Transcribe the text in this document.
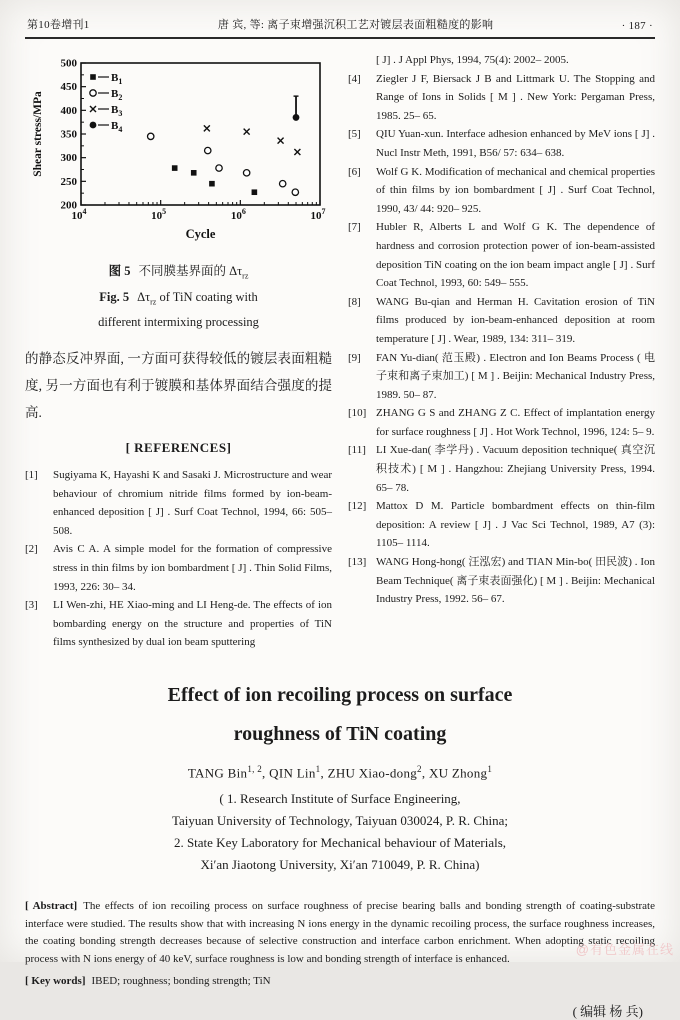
第10卷增刊1	唐 宾, 等: 离子束增强沉积工艺对镀层表面粗糙度的影响	· 187 ·
200
250
300
350
400
450
500
$10^4$	$10^5$	$10^6$	$10^7$
Shear stress/MPa
Cycle
$B_1$
$B_2$
$B_3$
$B_4$
图 5 不同膜基界面的 $\Delta\tau_{rz}$
Fig. 5 $\Delta\tau_{rz}$ of TiN coating with
different intermixing processing

的静态反冲界面, 一方面可获得较低的镀层表面粗糙度, 另一方面也有利于镀膜和基体界面结合强度的提高.

[ REFERENCES]
[1]	Sugiyama K, Hayashi K and Sasaki J. Microstructure and wear behaviour of chromium nitride films formed by ion-beam-enhanced deposition [ J] . Surf Coat Technol, 1994, 66: 505– 508.
[2]	Avis C A. A simple model for the formation of compressive stress in thin films by ion bombardment [ J] . Thin Solid Films, 1993, 226: 30– 34.
[3]	LI Wen-zhi, HE Xiao-ming and LI Heng-de. The effects of ion bombarding energy on the structure and properties of TiN films synthesized by dual ion beam sputtering
[ J] . J Appl Phys, 1994, 75(4): 2002– 2005.
[4]	Ziegler J F, Biersack J B and Littmark U. The Stopping and Range of Ions in Solids [ M ] . New York: Pergaman Press, 1985. 25– 65.
[5]	QIU Yuan-xun. Interface adhesion enhanced by MeV ions [ J] . Nucl Instr Meth, 1991, B56/ 57: 634– 638.
[6]	Wolf G K. Modification of mechanical and chemical properties of thin films by ion bombardment [ J] . Surf Coat Technol, 1990, 43/ 44: 920– 925.
[7]	Hubler R, Alberts L and Wolf G K. The dependence of hardness and corrosion protection power of ion-beam-assisted deposition TiN coating on the ion beam impact angle [ J] . Surf Coat Technol, 1993, 60: 549– 555.
[8]	WANG Bu-qian and Herman H. Cavitation erosion of TiN films produced by ion-beam-enhanced deposition at room temperature [ J] . Wear, 1989, 134: 311– 319.
[9]	FAN Yu-dian( 范玉殿) . Electron and Ion Beams Process ( 电子束和离子束加工) [ M ] . Beijin: Mechanical Industry Press, 1989. 50– 87.
[10] ZHANG G S and ZHANG Z C. Effect of implantation energy for surface roughness [ J] . Hot Work Technol, 1996, 124: 5– 9.
[11] LI Xue-dan( 李学丹) . Vacuum deposition technique( 真空沉积技术) [ M ] . Hangzhou: Zhejiang University Press, 1994. 65– 78.
[12] Mattox D M. Particle bombardment effects on thin-film deposition: A review [ J] . J Vac Sci Technol, 1989, A7 (3): 1105– 1114.
[13] WANG Hong-hong( 汪泓宏) and TIAN Min-bo( 田民波) . Ion Beam Technique( 离子束表面强化) [ M ] . Beijin: Mechanical Industry Press, 1992. 56– 67.
Effect of ion recoiling process on surface
roughness of TiN coating
TANG Bin$^{1, 2}$, QIN Lin$^1$, ZHU Xiao-dong$^2$, XU Zhong$^1$
( 1. Research Institute of Surface Engineering,
Taiyuan University of Technology, Taiyuan 030024, P. R. China;
2. State Key Laboratory for Mechanical behaviour of Materials,
Xi′an Jiaotong University, Xi′an 710049, P. R. China)

[ Abstract] The effects of ion recoiling process on surface roughness of precise bearing balls and bonding strength of coating-substrate interface were studied. The results show that with increasing N ions energy in the dynamic recoiling process, the surface roughness increases, the coating bonding strength decreases because of selective construction and interface carbon enrichment. When adopting static recoiling process with N ions energy of 40 keV, surface roughness is low and bonding strength of interface is enhanced.

[ Key words] IBED; roughness; bonding strength; TiN

( 编辑 杨 兵)
@有色金属在线
